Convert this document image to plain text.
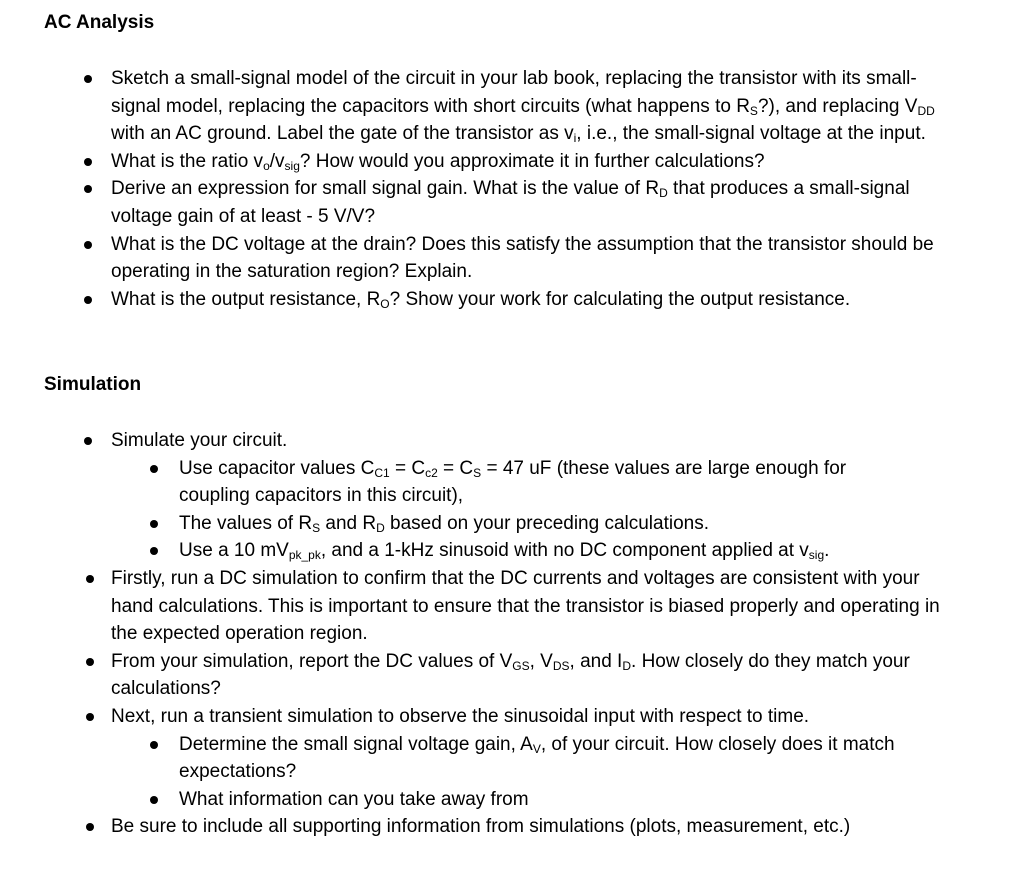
AC Analysis
Sketch a small-signal model of the circuit in your lab book, replacing the transistor with its small-signal model, replacing the capacitors with short circuits (what happens to $R_S$?), and replacing $V_{DD}$ with an AC ground. Label the gate of the transistor as $v_i$, i.e., the small-signal voltage at the input.
What is the ratio $v_o/v_{sig}$? How would you approximate it in further calculations?
Derive an expression for small signal gain. What is the value of $R_D$ that produces a small-signal voltage gain of at least - 5 V/V?
What is the DC voltage at the drain? Does this satisfy the assumption that the transistor should be operating in the saturation region? Explain.
What is the output resistance, $R_O$? Show your work for calculating the output resistance.
Simulation
Simulate your circuit.
Use capacitor values $C_{C1} = C_{c2} = C_S = 47$ uF (these values are large enough for coupling capacitors in this circuit),
The values of $R_S$ and $R_D$ based on your preceding calculations.
Use a 10 $mV_{pk\_pk}$, and a 1-kHz sinusoid with no DC component applied at $v_{sig}$.
Firstly, run a DC simulation to confirm that the DC currents and voltages are consistent with your hand calculations. This is important to ensure that the transistor is biased properly and operating in the expected operation region.
From your simulation, report the DC values of $V_{GS}$, $V_{DS}$, and $I_D$. How closely do they match your calculations?
Next, run a transient simulation to observe the sinusoidal input with respect to time.
Determine the small signal voltage gain, $A_V$, of your circuit. How closely does it match expectations?
What information can you take away from
Be sure to include all supporting information from simulations (plots, measurement, etc.)
